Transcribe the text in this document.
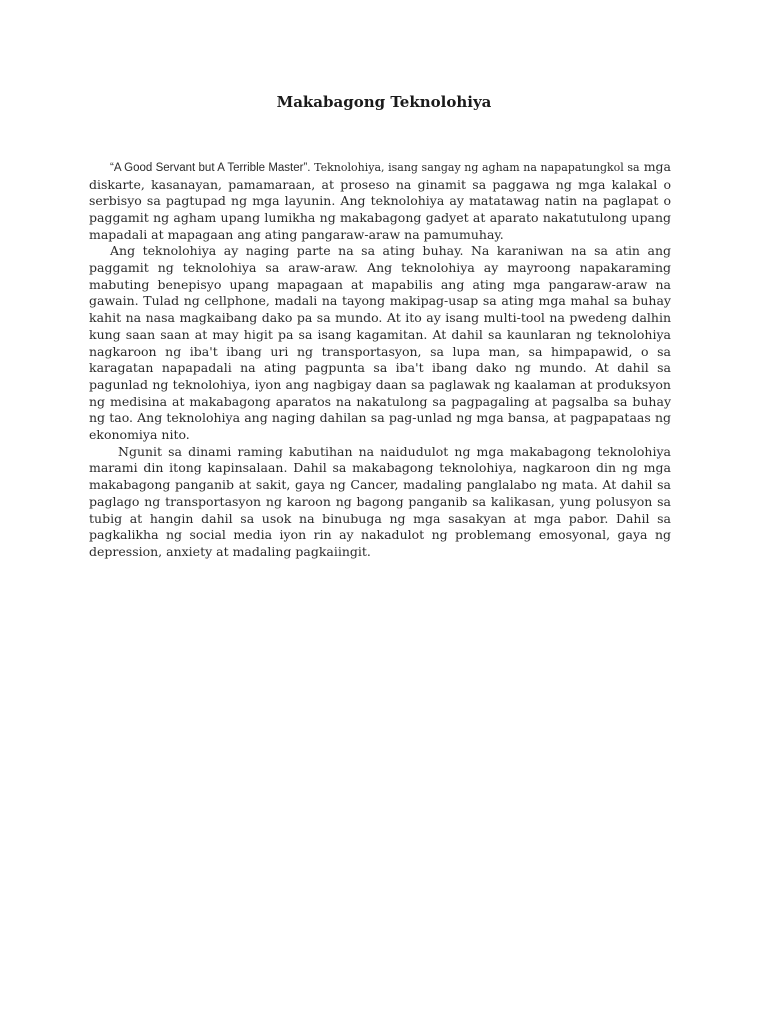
Makabagong Teknolohiya

“A Good Servant but A Terrible Master”. Teknolohiya, isang sangay ng agham na napapatungkol sa mga diskarte, kasanayan, pamamaraan, at proseso na ginamit sa paggawa ng mga kalakal o serbisyo sa pagtupad ng mga layunin. Ang teknolohiya ay matatawag natin na paglapat o paggamit ng agham upang lumikha ng makabagong gadyet at aparato nakatutulong upang mapadali at mapagaan ang ating pangaraw-araw na pamumuhay.

Ang teknolohiya ay naging parte na sa ating buhay. Na karaniwan na sa atin ang paggamit ng teknolohiya sa araw-araw. Ang teknolohiya ay mayroong napakaraming mabuting benepisyo upang mapagaan at mapabilis ang ating mga pangaraw-araw na gawain. Tulad ng cellphone, madali na tayong makipag-usap sa ating mga mahal sa buhay kahit na nasa magkaibang dako pa sa mundo. At ito ay isang multi-tool na pwedeng dalhin kung saan saan at may higit pa sa isang kagamitan. At dahil sa kaunlaran ng teknolohiya nagkaroon ng iba't ibang uri ng transportasyon, sa lupa man, sa himpapawid, o sa karagatan napapadali na ating pagpunta sa iba't ibang dako ng mundo. At dahil sa pagunlad ng teknolohiya, iyon ang nagbigay daan sa paglawak ng kaalaman at produksyon ng medisina at makabagong aparatos na nakatulong sa pagpagaling at pagsalba sa buhay ng tao. Ang teknolohiya ang naging dahilan sa pag-unlad ng mga bansa, at pagpapataas ng ekonomiya nito.

Ngunit sa dinami raming kabutihan na naidudulot ng mga makabagong teknolohiya marami din itong kapinsalaan. Dahil sa makabagong teknolohiya, nagkaroon din ng mga makabagong panganib at sakit, gaya ng Cancer, madaling panglalabo ng mata. At dahil sa paglago ng transportasyon ng karoon ng bagong panganib sa kalikasan, yung polusyon sa tubig at hangin dahil sa usok na binubuga ng mga sasakyan at mga pabor. Dahil sa pagkalikha ng social media iyon rin ay nakadulot ng problemang emosyonal, gaya ng depression, anxiety at madaling pagkaiingit.
